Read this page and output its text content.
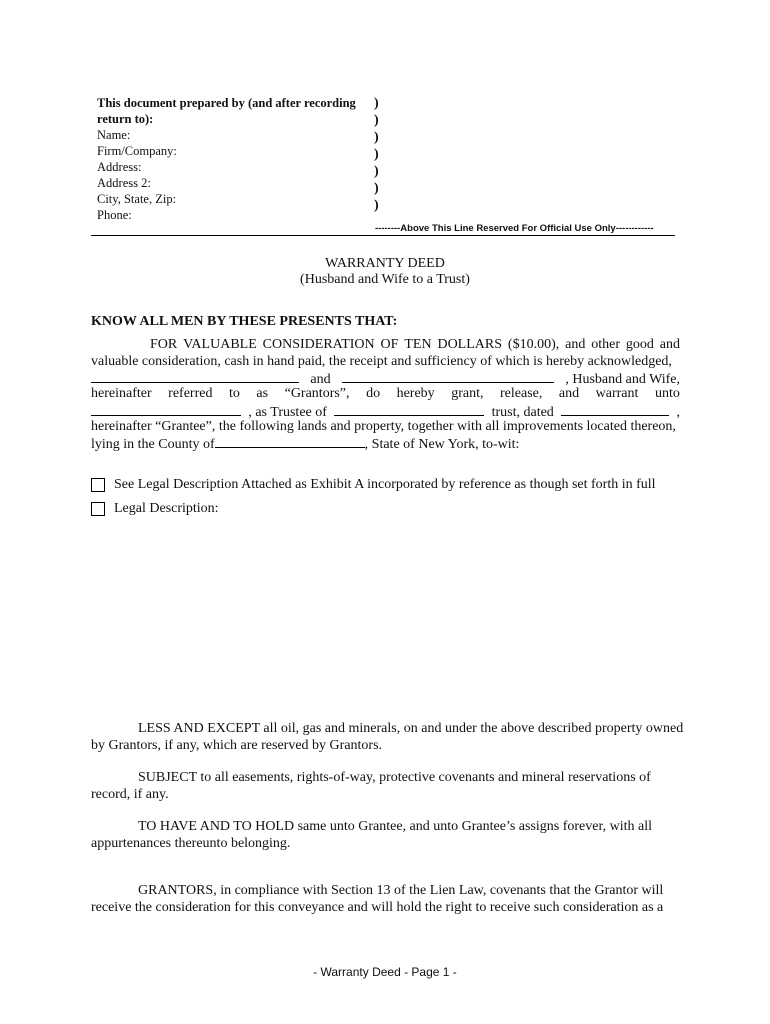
This document prepared by (and after recording
return to):
Name:
Firm/Company:
Address:
Address 2:
City, State, Zip:
Phone:
)
)
)
)
)
)
)
--------Above This Line Reserved For Official Use Only------------
WARRANTY DEED
(Husband and Wife to a Trust)
KNOW ALL MEN BY THESE PRESENTS THAT:
FOR VALUABLE CONSIDERATION OF TEN DOLLARS ($10.00), and other good and
valuable consideration, cash in hand paid, the receipt and sufficiency of which is hereby acknowledged,
and	, Husband and Wife,
hereinafter referred to as “Grantors”, do hereby grant, release, and warrant unto
, as Trustee of	trust, dated	,
hereinafter “Grantee”, the following lands and property, together with all improvements located thereon,
lying in the County of	, State of New York, to-wit:
See Legal Description Attached as Exhibit A incorporated by reference as though set forth in full
Legal Description:
LESS AND EXCEPT all oil, gas and minerals, on and under the above described property owned
by Grantors, if any, which are reserved by Grantors.
SUBJECT to all easements, rights-of-way, protective covenants and mineral reservations of
record, if any.
TO HAVE AND TO HOLD same unto Grantee, and unto Grantee’s assigns forever, with all
appurtenances thereunto belonging.
GRANTORS, in compliance with Section 13 of the Lien Law, covenants that the Grantor will
receive the consideration for this conveyance and will hold the right to receive such consideration as a
- Warranty Deed - Page 1 -
